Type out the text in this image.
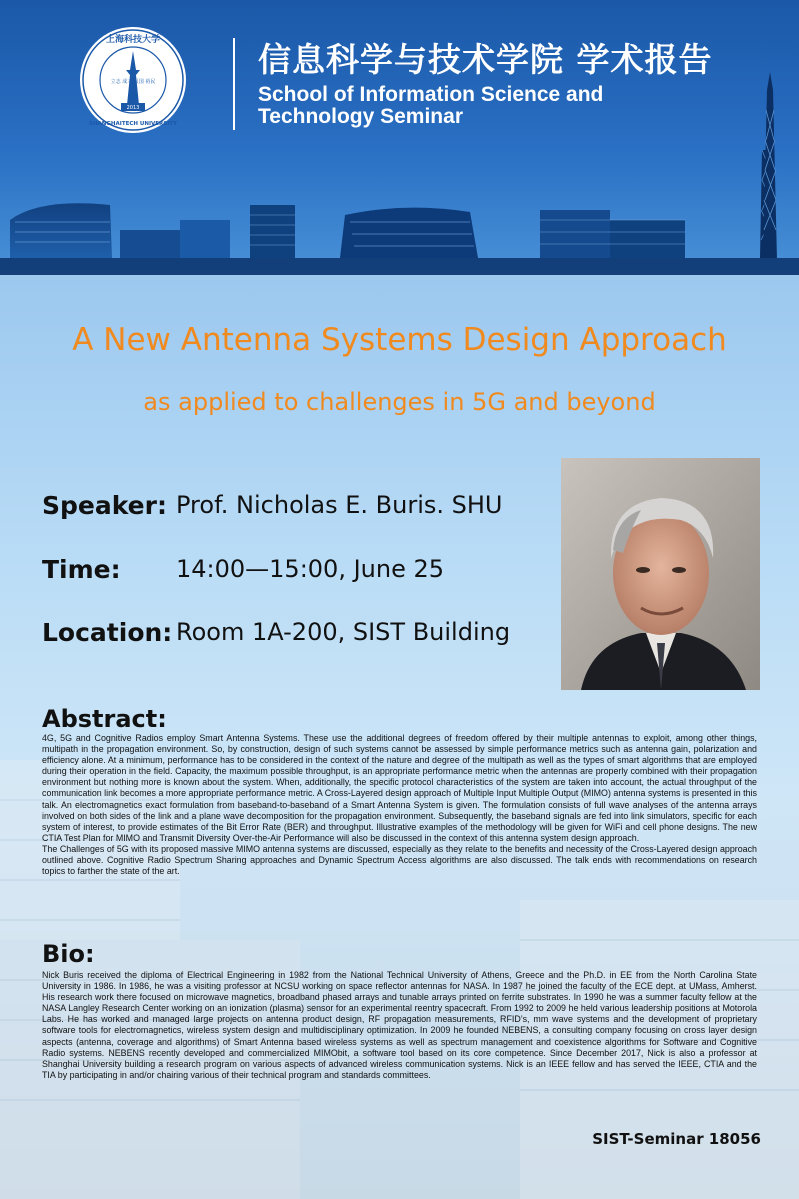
2013
上海科技大学
SHANGHAITECH UNIVERSITY
立志 成才 报国 裕民
信息科学与技术学院 学术报告
School of Information Science and
Technology Seminar
A New Antenna Systems Design Approach
as applied to challenges in 5G and beyond
Speaker: Prof. Nicholas E. Buris. SHU
Time: 14:00—15:00, June 25
Location: Room 1A-200, SIST Building
Abstract:

4G, 5G and Cognitive Radios employ Smart Antenna Systems. These use the additional degrees of freedom offered by their multiple antennas to exploit, among other things, multipath in the propagation environment. So, by construction, design of such systems cannot be assessed by simple performance metrics such as antenna gain, polarization and efficiency alone. At a minimum, performance has to be considered in the context of the nature and degree of the multipath as well as the types of smart algorithms that are employed during their operation in the field. Capacity, the maximum possible throughput, is an appropriate performance metric when the antennas are properly combined with their propagation environment but nothing more is known about the system. When, additionally, the specific protocol characteristics of the system are taken into account, the actual throughput of the communication link becomes a more appropriate performance metric. A Cross-Layered design approach of Multiple Input Multiple Output (MIMO) antenna systems is presented in this talk. An electromagnetics exact formulation from baseband-to-baseband of a Smart Antenna System is given. The formulation consists of full wave analyses of the antenna arrays involved on both sides of the link and a plane wave decomposition for the propagation environment. Subsequently, the baseband signals are fed into link simulators, specific for each system of interest, to provide estimates of the Bit Error Rate (BER) and throughput. Illustrative examples of the methodology will be given for WiFi and cell phone designs. The new CTIA Test Plan for MIMO and Transmit Diversity Over-the-Air Performance will also be discussed in the context of this antenna system design approach.

The Challenges of 5G with its proposed massive MIMO antenna systems are discussed, especially as they relate to the benefits and necessity of the Cross-Layered design approach outlined above. Cognitive Radio Spectrum Sharing approaches and Dynamic Spectrum Access algorithms are also discussed. The talk ends with recommendations on research topics to farther the state of the art.

Bio:

Nick Buris received the diploma of Electrical Engineering in 1982 from the National Technical University of Athens, Greece and the Ph.D. in EE from the North Carolina State University in 1986. In 1986, he was a visiting professor at NCSU working on space reflector antennas for NASA. In 1987 he joined the faculty of the ECE dept. at UMass, Amherst. His research work there focused on microwave magnetics, broadband phased arrays and tunable arrays printed on ferrite substrates. In 1990 he was a summer faculty fellow at the NASA Langley Research Center working on an ionization (plasma) sensor for an experimental reentry spacecraft. From 1992 to 2009 he held various leadership positions at Motorola Labs. He has worked and managed large projects on antenna product design, RF propagation measurements, RFID’s, mm wave systems and the development of proprietary software tools for electromagnetics, wireless system design and multidisciplinary optimization. In 2009 he founded NEBENS, a consulting company focusing on cross layer design aspects (antenna, coverage and algorithms) of Smart Antenna based wireless systems as well as spectrum management and coexistence algorithms for Software and Cognitive Radio systems. NEBENS recently developed and commercialized MIMObit, a software tool based on its core competence. Since December 2017, Nick is also a professor at Shanghai University building a research program on various aspects of advanced wireless communication systems. Nick is an IEEE fellow and has served the IEEE, CTIA and the TIA by participating in and/or chairing various of their technical program and standards committees.

SIST-Seminar 18056
